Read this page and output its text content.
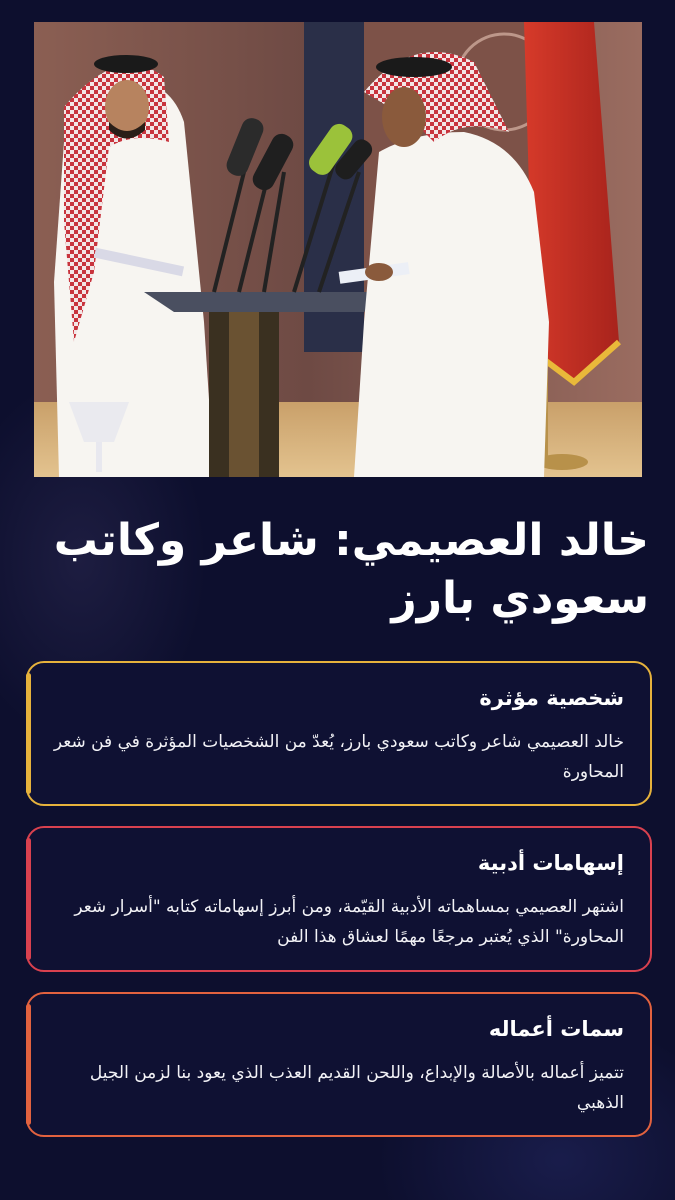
خالد العصيمي: شاعر وكاتب
سعودي بارز
شخصية مؤثرة

خالد العصيمي شاعر وكاتب سعودي بارز، يُعدّ من الشخصيات المؤثرة في فن شعر المحاورة

إسهامات أدبية

اشتهر العصيمي بمساهماته الأدبية القيّمة، ومن أبرز إسهاماته كتابه "أسرار شعر المحاورة" الذي يُعتبر مرجعًا مهمًا لعشاق هذا الفن

سمات أعماله

تتميز أعماله بالأصالة والإبداع، واللحن القديم العذب الذي يعود بنا لزمن الجيل الذهبي
